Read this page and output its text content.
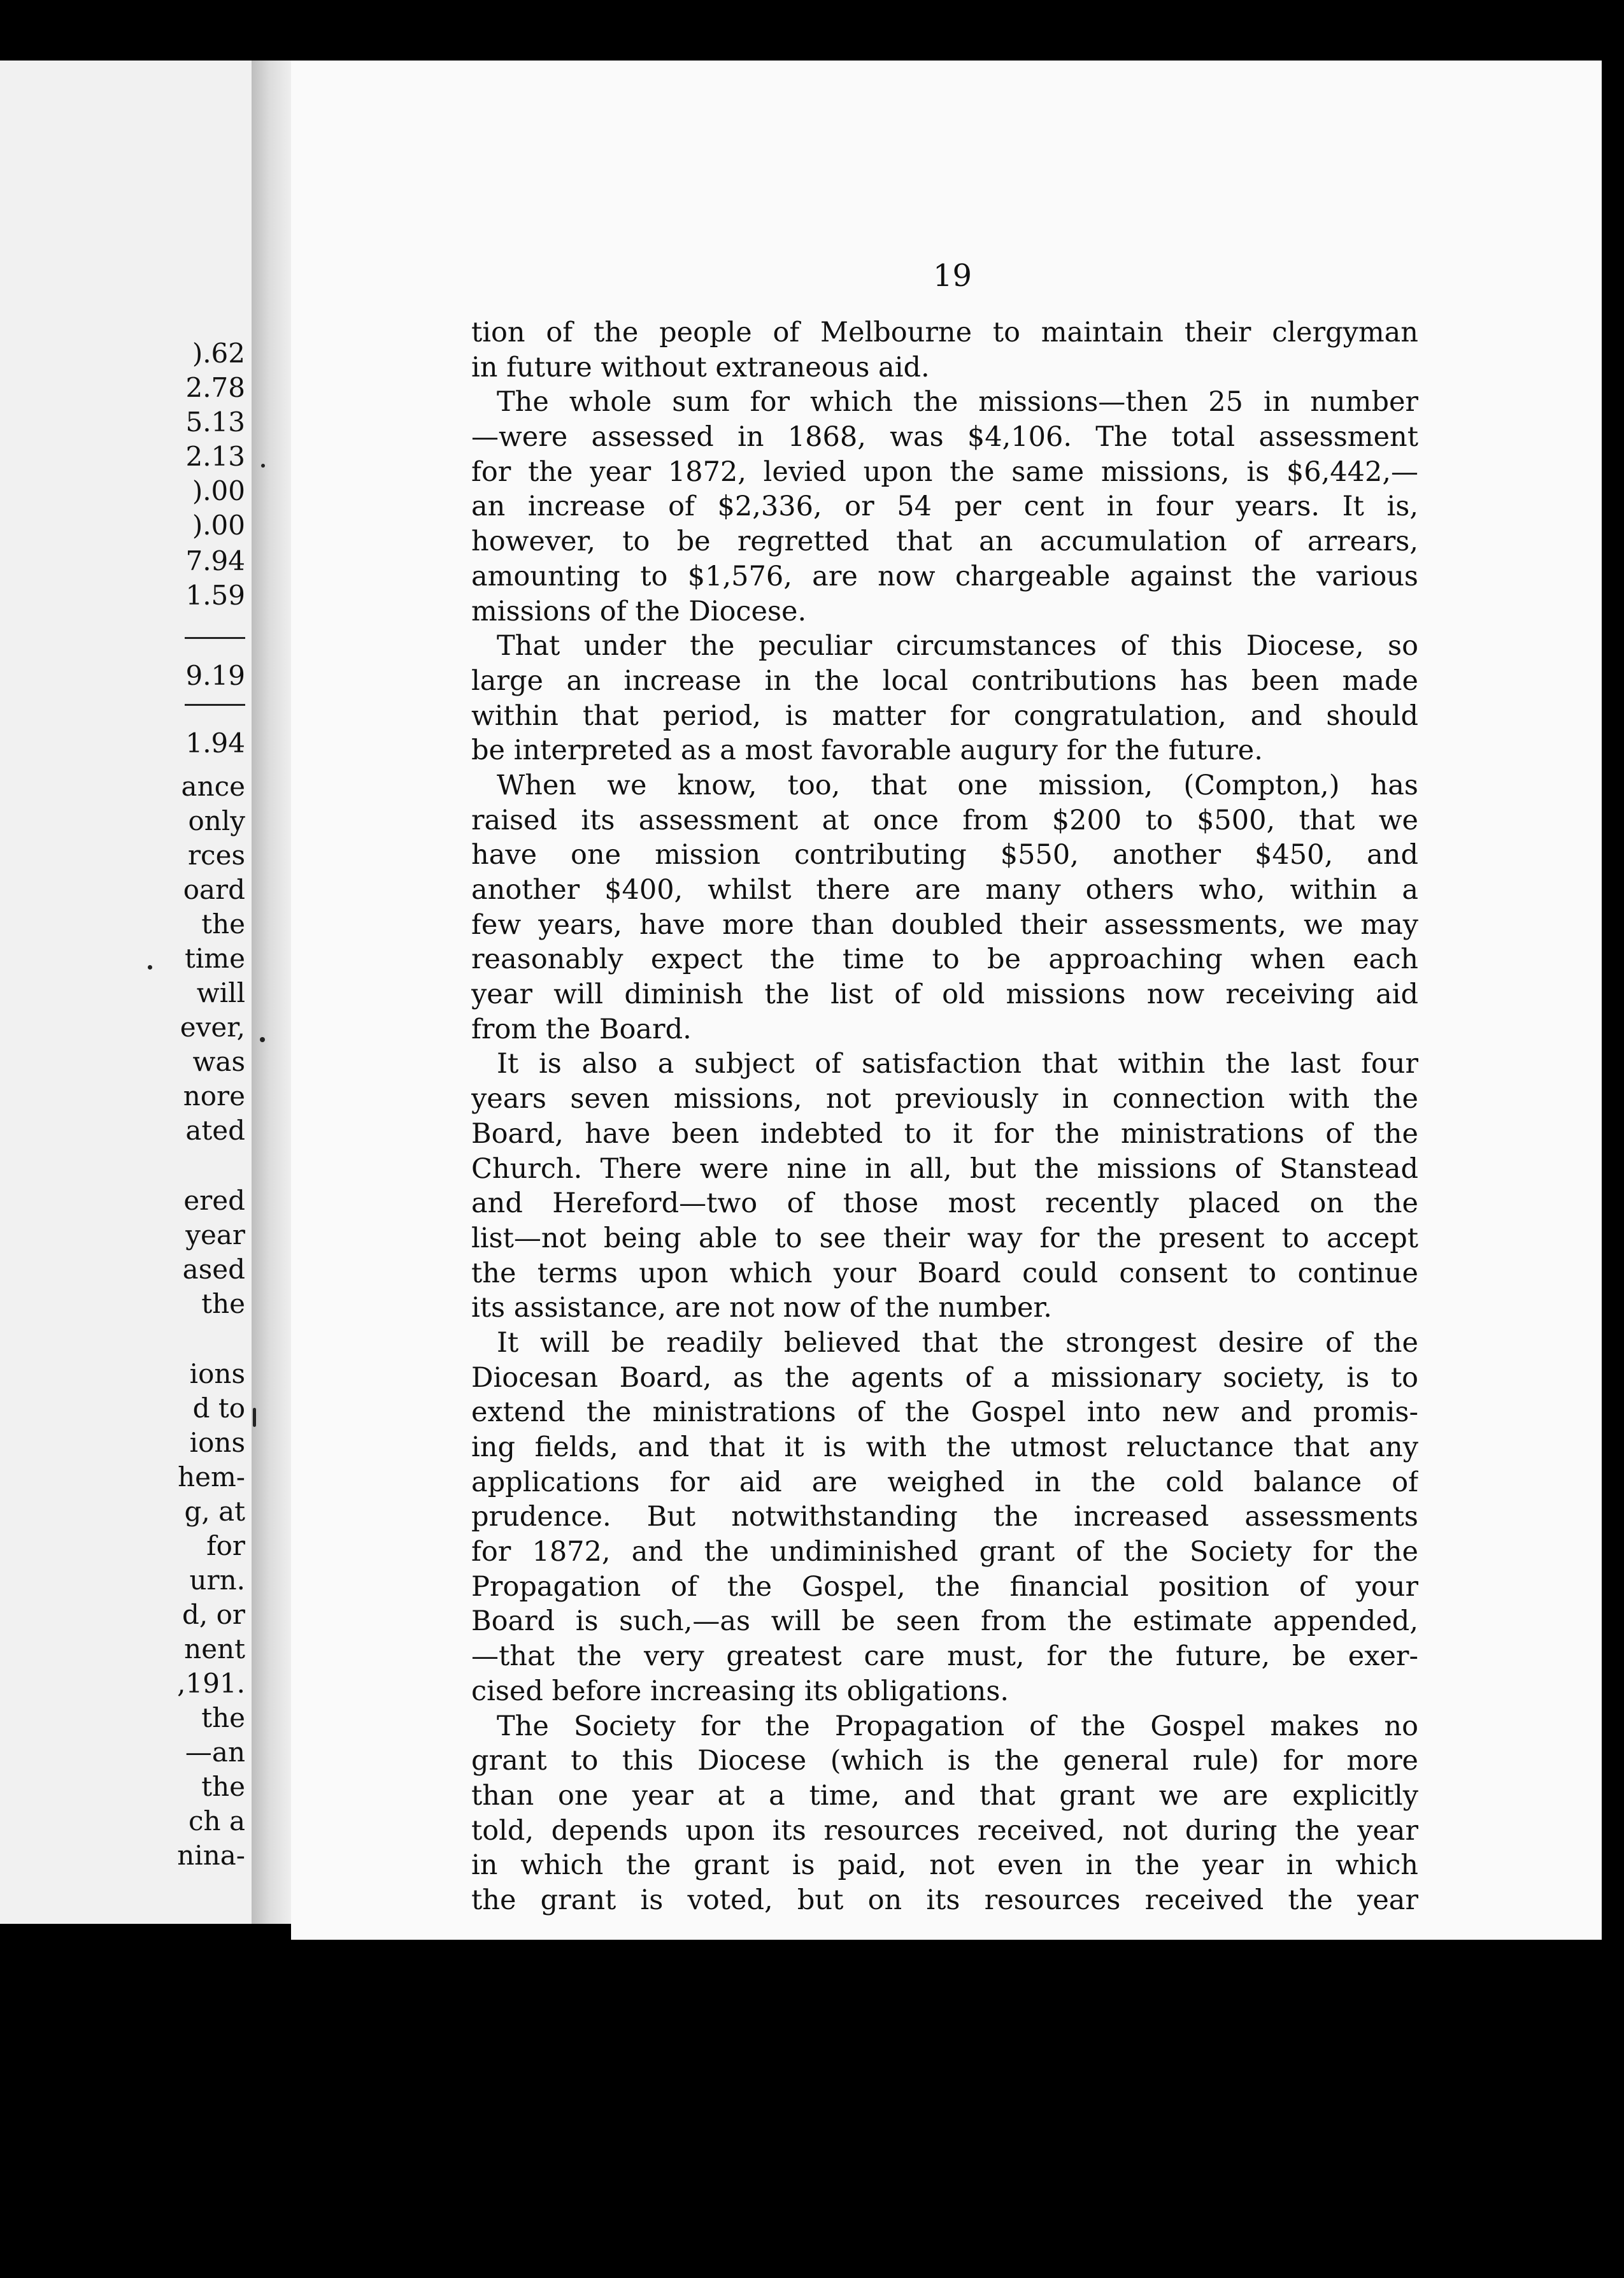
).62
2.78
5.13
2.13
).00
).00
7.94
1.59
9.19
1.94
ance
only
rces
oard
the
time
will
ever,
was
nore
ated
ered
year
ased
the
ions
d to
ions
hem-
g, at
for
urn.
d, or
nent
,191.
the
—an
the
ch a
nina-
19
tion of the people of Melbourne to maintain their clergyman
in future without extraneous aid.
The whole sum for which the missions—then 25 in number
—were assessed in 1868, was $4,106. The total assessment
for the year 1872, levied upon the same missions, is $6,442,—
an increase of $2,336, or 54 per cent in four years. It is,
however, to be regretted that an accumulation of arrears,
amounting to $1,576, are now chargeable against the various
missions of the Diocese.
That under the peculiar circumstances of this Diocese, so
large an increase in the local contributions has been made
within that period, is matter for congratulation, and should
be interpreted as a most favorable augury for the future.
When we know, too, that one mission, (Compton,) has
raised its assessment at once from $200 to $500, that we
have one mission contributing $550, another $450, and
another $400, whilst there are many others who, within a
few years, have more than doubled their assessments, we may
reasonably expect the time to be approaching when each
year will diminish the list of old missions now receiving aid
from the Board.
It is also a subject of satisfaction that within the last four
years seven missions, not previously in connection with the
Board, have been indebted to it for the ministrations of the
Church. There were nine in all, but the missions of Stanstead
and Hereford—two of those most recently placed on the
list—not being able to see their way for the present to accept
the terms upon which your Board could consent to continue
its assistance, are not now of the number.
It will be readily believed that the strongest desire of the
Diocesan Board, as the agents of a missionary society, is to
extend the ministrations of the Gospel into new and promis-
ing fields, and that it is with the utmost reluctance that any
applications for aid are weighed in the cold balance of
prudence. But notwithstanding the increased assessments
for 1872, and the undiminished grant of the Society for the
Propagation of the Gospel, the financial position of your
Board is such,—as will be seen from the estimate appended,
—that the very greatest care must, for the future, be exer-
cised before increasing its obligations.
The Society for the Propagation of the Gospel makes no
grant to this Diocese (which is the general rule) for more
than one year at a time, and that grant we are explicitly
told, depends upon its resources received, not during the year
in which the grant is paid, not even in the year in which
the grant is voted, but on its resources received the year
